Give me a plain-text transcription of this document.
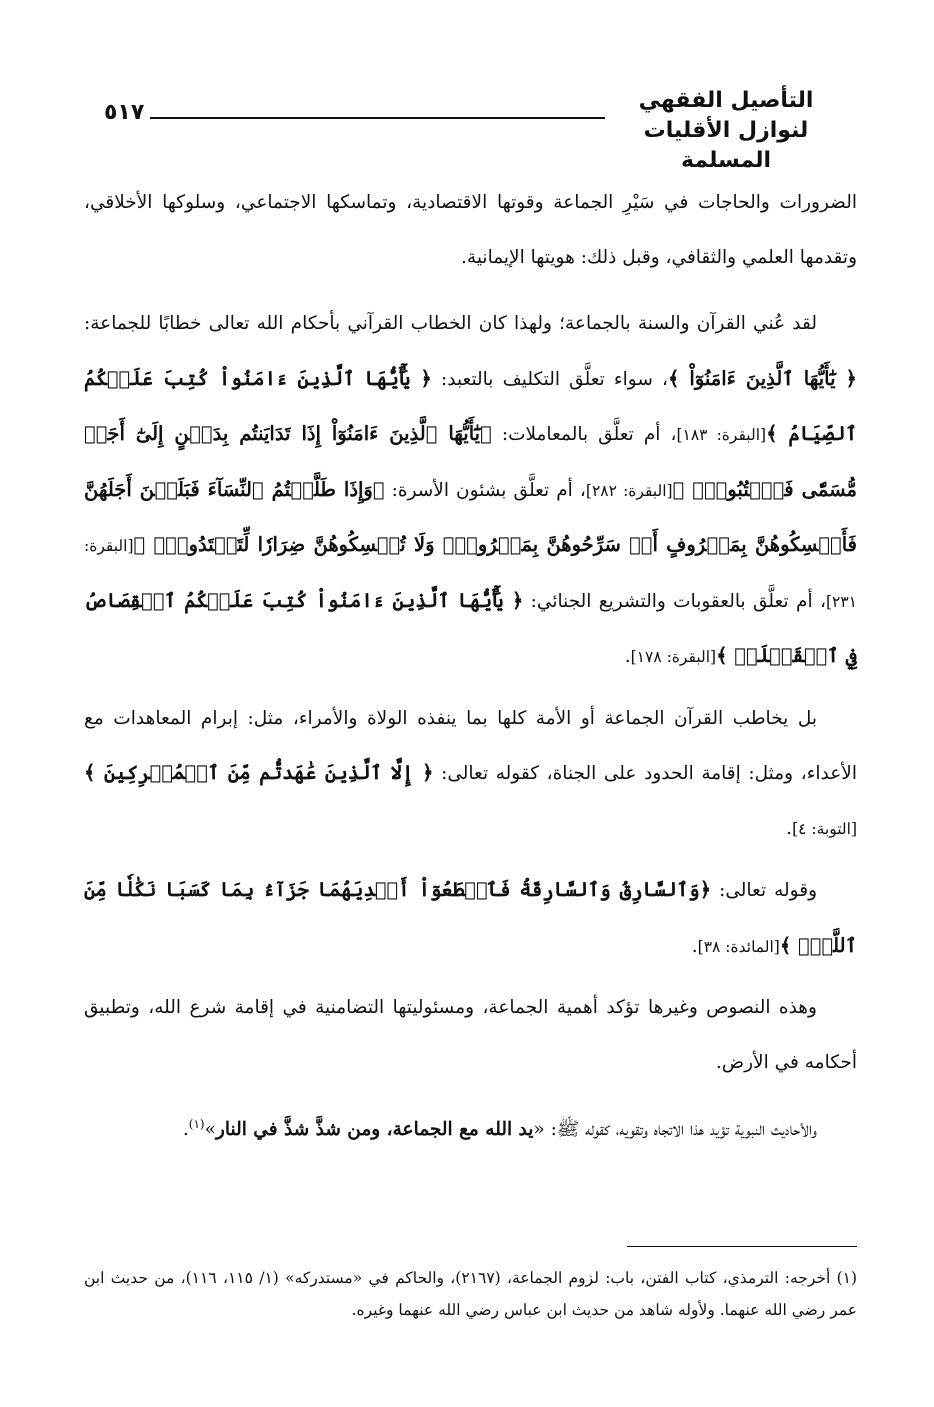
التأصيل الفقهي
لنوازل الأقليات المسلمة
٥١٧

الضرورات والحاجات في سَيْرِ الجماعة وقوتها الاقتصادية، وتماسكها الاجتماعي، وسلوكها الأخلاقي، وتقدمها العلمي والثقافي، وقبل ذلك: هويتها الإيمانية.

لقد عُني القرآن والسنة بالجماعة؛ ولهذا كان الخطاب القرآني بأحكام الله تعالى خطابًا للجماعة: ﴿ يَٰٓأَيُّهَا ٱلَّذِينَ ءَامَنُوٓاْ ﴾، سواء تعلَّق التكليف بالتعبد: ﴿ يَٰٓأَيُّهَا ٱلَّذِينَ ءَامَنُواْ كُتِبَ عَلَيۡكُمُ ٱلصِّيَامُ ﴾[البقرة: ١٨٣]، أم تعلَّق بالمعاملات: ﴿يَٰٓأَيُّهَا ٱلَّذِينَ ءَامَنُوٓاْ إِذَا تَدَايَنتُم بِدَيۡنٍ إِلَىٰٓ أَجَلٖ مُّسَمّٗى فَٱكۡتُبُوهُۚ ﴾[البقرة: ٢٨٢]، أم تعلَّق بشئون الأسرة: ﴿وَإِذَا طَلَّقۡتُمُ ٱلنِّسَآءَ فَبَلَغۡنَ أَجَلَهُنَّ فَأَمۡسِكُوهُنَّ بِمَعۡرُوفٍ أَوۡ سَرِّحُوهُنَّ بِمَعۡرُوفٖۚ وَلَا تُمۡسِكُوهُنَّ ضِرَارٗا لِّتَعۡتَدُواْۚ ﴾[البقرة: ٢٣١]، أم تعلَّق بالعقوبات والتشريع الجنائي: ﴿ يَٰٓأَيُّهَا ٱلَّذِينَ ءَامَنُواْ كُتِبَ عَلَيۡكُمُ ٱلۡقِصَاصُ فِي ٱلۡقَتۡلَىۖ ﴾[البقرة: ١٧٨].

بل يخاطب القرآن الجماعة أو الأمة كلها بما ينفذه الولاة والأمراء، مثل: إبرام المعاهدات مع الأعداء، ومثل: إقامة الحدود على الجناة، كقوله تعالى: ﴿ إِلَّا ٱلَّذِينَ عَٰهَدتُّم مِّنَ ٱلۡمُشۡرِكِينَ ﴾[التوبة: ٤].

وقوله تعالى: ﴿وَٱلسَّارِقُ وَٱلسَّارِقَةُ فَٱقۡطَعُوٓاْ أَيۡدِيَهُمَا جَزَآءَۢ بِمَا كَسَبَا نَكَٰلٗا مِّنَ ٱللَّهِۗ ﴾[المائدة: ٣٨].

وهذه النصوص وغيرها تؤكد أهمية الجماعة، ومسئوليتها التضامنية في إقامة شرع الله، وتطبيق أحكامه في الأرض.

والأحاديث النبوية تؤيد هذا الاتجاه وتقويه، كقوله ﷺ: «يد الله مع الجماعة، ومن شذَّ شذَّ في النار»$^{(١)}$.

(١) أخرجه: الترمذي، كتاب الفتن، باب: لزوم الجماعة، (٢١٦٧)، والحاكم في «مستدركه» (١/ ١١٥، ١١٦)، من حديث ابن عمر رضي الله عنهما. ولأوله شاهد من حديث ابن عباس رضي الله عنهما وغيره.
